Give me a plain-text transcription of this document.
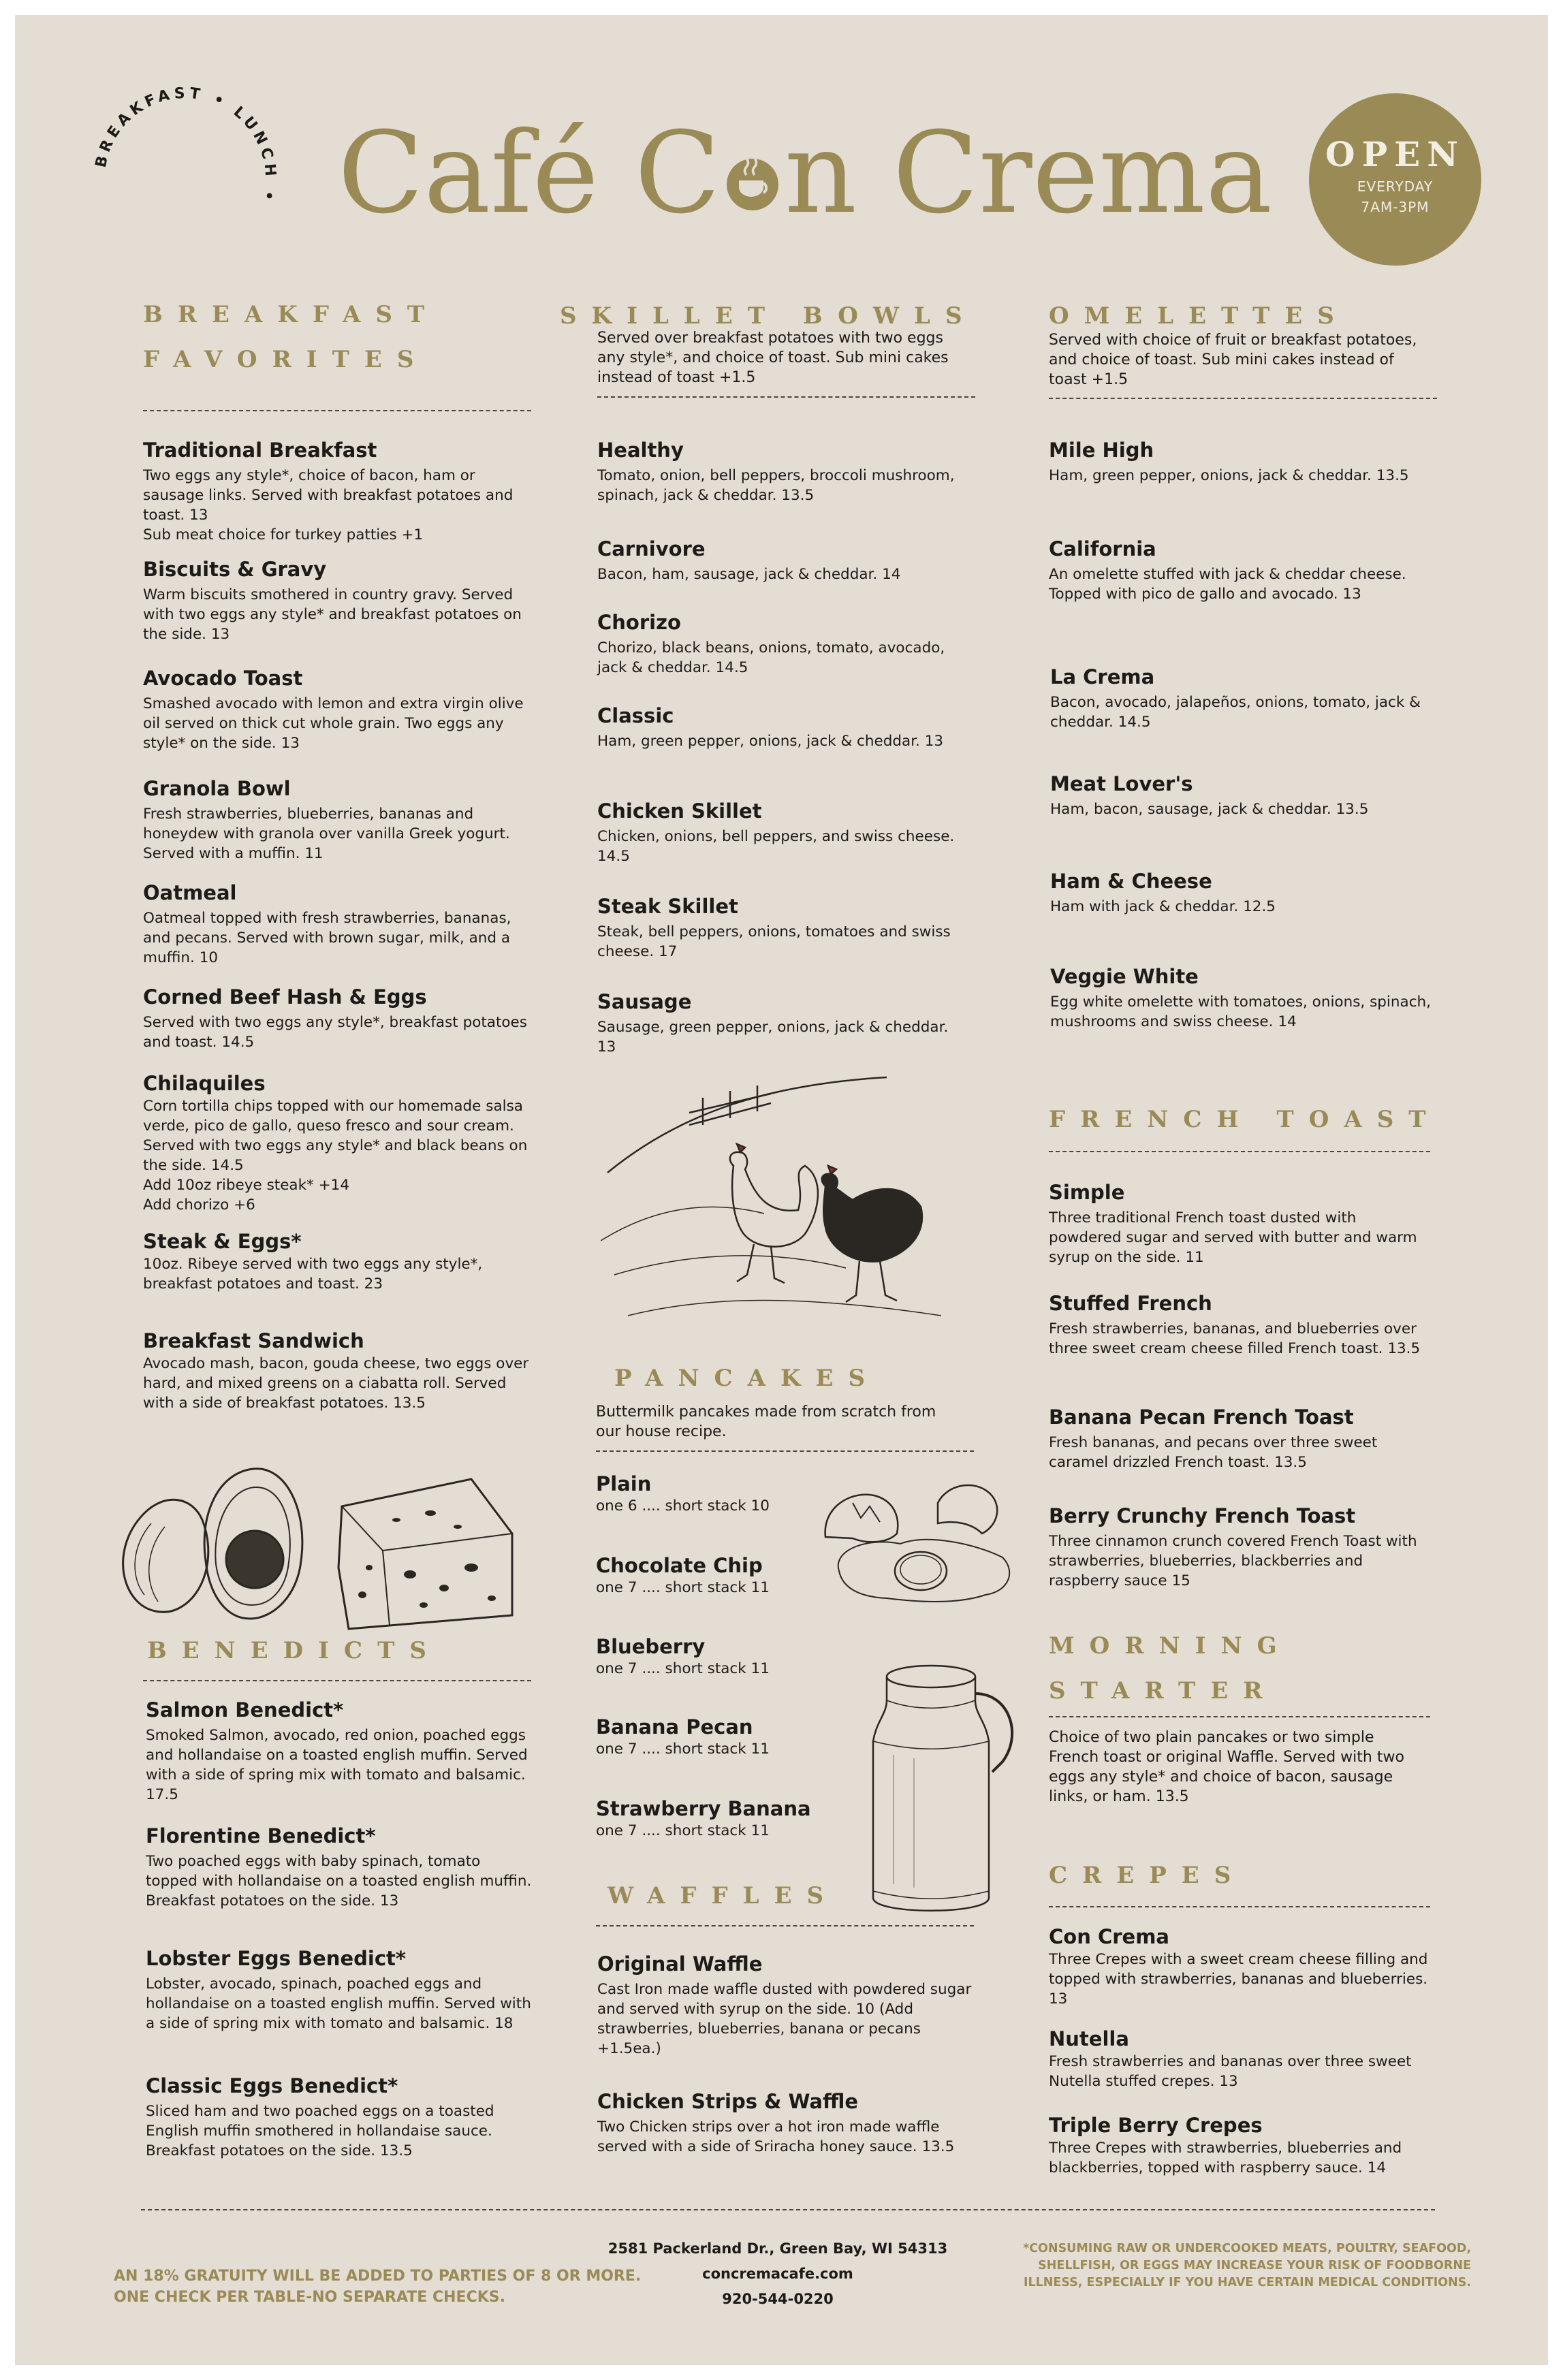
BREAKFAST • LUNCH • Café C n Crema	OPEN
EVERYDAY
7AM-3PM
BREAKFAST
FAVORITES
Traditional Breakfast
Two eggs any style*, choice of bacon, ham or sausage links. Served with breakfast potatoes and toast. 13
Sub meat choice for turkey patties +1
Biscuits & Gravy
Warm biscuits smothered in country gravy. Served with two eggs any style* and breakfast potatoes on the side. 13
Avocado Toast
Smashed avocado with lemon and extra virgin olive oil served on thick cut whole grain. Two eggs any style* on the side. 13
Granola Bowl
Fresh strawberries, blueberries, bananas and honeydew with granola over vanilla Greek yogurt. Served with a muffin. 11
Oatmeal
Oatmeal topped with fresh strawberries, bananas, and pecans. Served with brown sugar, milk, and a muffin. 10
Corned Beef Hash & Eggs
Served with two eggs any style*, breakfast potatoes and toast. 14.5
Chilaquiles
Corn tortilla chips topped with our homemade salsa verde, pico de gallo, queso fresco and sour cream. Served with two eggs any style* and black beans on the side. 14.5
Add 10oz ribeye steak* +14
Add chorizo +6
Steak & Eggs*
10oz. Ribeye served with two eggs any style*, breakfast potatoes and toast. 23
Breakfast Sandwich
Avocado mash, bacon, gouda cheese, two eggs over hard, and mixed greens on a ciabatta roll. Served with a side of breakfast potatoes. 13.5
BENEDICTS
Salmon Benedict*
Smoked Salmon, avocado, red onion, poached eggs and hollandaise on a toasted english muffin. Served with a side of spring mix with tomato and balsamic. 17.5
Florentine Benedict*
Two poached eggs with baby spinach, tomato topped with hollandaise on a toasted english muffin. Breakfast potatoes on the side. 13
Lobster Eggs Benedict*
Lobster, avocado, spinach, poached eggs and hollandaise on a toasted english muffin. Served with a side of spring mix with tomato and balsamic. 18
Classic Eggs Benedict*
Sliced ham and two poached eggs on a toasted English muffin smothered in hollandaise sauce. Breakfast potatoes on the side. 13.5
SKILLET BOWLS
Served over breakfast potatoes with two eggs any style*, and choice of toast. Sub mini cakes instead of toast +1.5
Healthy
Tomato, onion, bell peppers, broccoli mushroom, spinach, jack & cheddar. 13.5
Carnivore
Bacon, ham, sausage, jack & cheddar. 14
Chorizo
Chorizo, black beans, onions, tomato, avocado, jack & cheddar. 14.5
Classic
Ham, green pepper, onions, jack & cheddar. 13
Chicken Skillet
Chicken, onions, bell peppers, and swiss cheese. 14.5
Steak Skillet
Steak, bell peppers, onions, tomatoes and swiss cheese. 17
Sausage
Sausage, green pepper, onions, jack & cheddar. 13
PANCAKES
Buttermilk pancakes made from scratch from our house recipe.
Plain
one 6 .... short stack 10
Chocolate Chip
one 7 .... short stack 11
Blueberry
one 7 .... short stack 11
Banana Pecan
one 7 .... short stack 11
Strawberry Banana
one 7 .... short stack 11
WAFFLES
Original Waffle
Cast Iron made waffle dusted with powdered sugar and served with syrup on the side. 10 (Add strawberries, blueberries, banana or pecans +1.5ea.)
Chicken Strips & Waffle
Two Chicken strips over a hot iron made waffle served with a side of Sriracha honey sauce. 13.5
OMELETTES
Served with choice of fruit or breakfast potatoes, and choice of toast. Sub mini cakes instead of toast +1.5
Mile High
Ham, green pepper, onions, jack & cheddar. 13.5
California
An omelette stuffed with jack & cheddar cheese. Topped with pico de gallo and avocado. 13
La Crema
Bacon, avocado, jalapeños, onions, tomato, jack & cheddar. 14.5
Meat Lover's
Ham, bacon, sausage, jack & cheddar. 13.5
Ham & Cheese
Ham with jack & cheddar. 12.5
Veggie White
Egg white omelette with tomatoes, onions, spinach, mushrooms and swiss cheese. 14
FRENCH TOAST
Simple
Three traditional French toast dusted with powdered sugar and served with butter and warm syrup on the side. 11
Stuffed French
Fresh strawberries, bananas, and blueberries over three sweet cream cheese filled French toast. 13.5
Banana Pecan French Toast
Fresh bananas, and pecans over three sweet caramel drizzled French toast. 13.5
Berry Crunchy French Toast
Three cinnamon crunch covered French Toast with strawberries, blueberries, blackberries and raspberry sauce 15
MORNING
STARTER
Choice of two plain pancakes or two simple French toast or original Waffle. Served with two eggs any style* and choice of bacon, sausage links, or ham. 13.5
CREPES
Con Crema
Three Crepes with a sweet cream cheese filling and topped with strawberries, bananas and blueberries. 13
Nutella
Fresh strawberries and bananas over three sweet Nutella stuffed crepes. 13
Triple Berry Crepes
Three Crepes with strawberries, blueberries and blackberries, topped with raspberry sauce. 14
AN 18% GRATUITY WILL BE ADDED TO PARTIES OF 8 OR MORE.
ONE CHECK PER TABLE-NO SEPARATE CHECKS.
2581 Packerland Dr., Green Bay, WI 54313
concremacafe.com
920-544-0220
*CONSUMING RAW OR UNDERCOOKED MEATS, POULTRY, SEAFOOD,
SHELLFISH, OR EGGS MAY INCREASE YOUR RISK OF FOODBORNE
ILLNESS, ESPECIALLY IF YOU HAVE CERTAIN MEDICAL CONDITIONS.
